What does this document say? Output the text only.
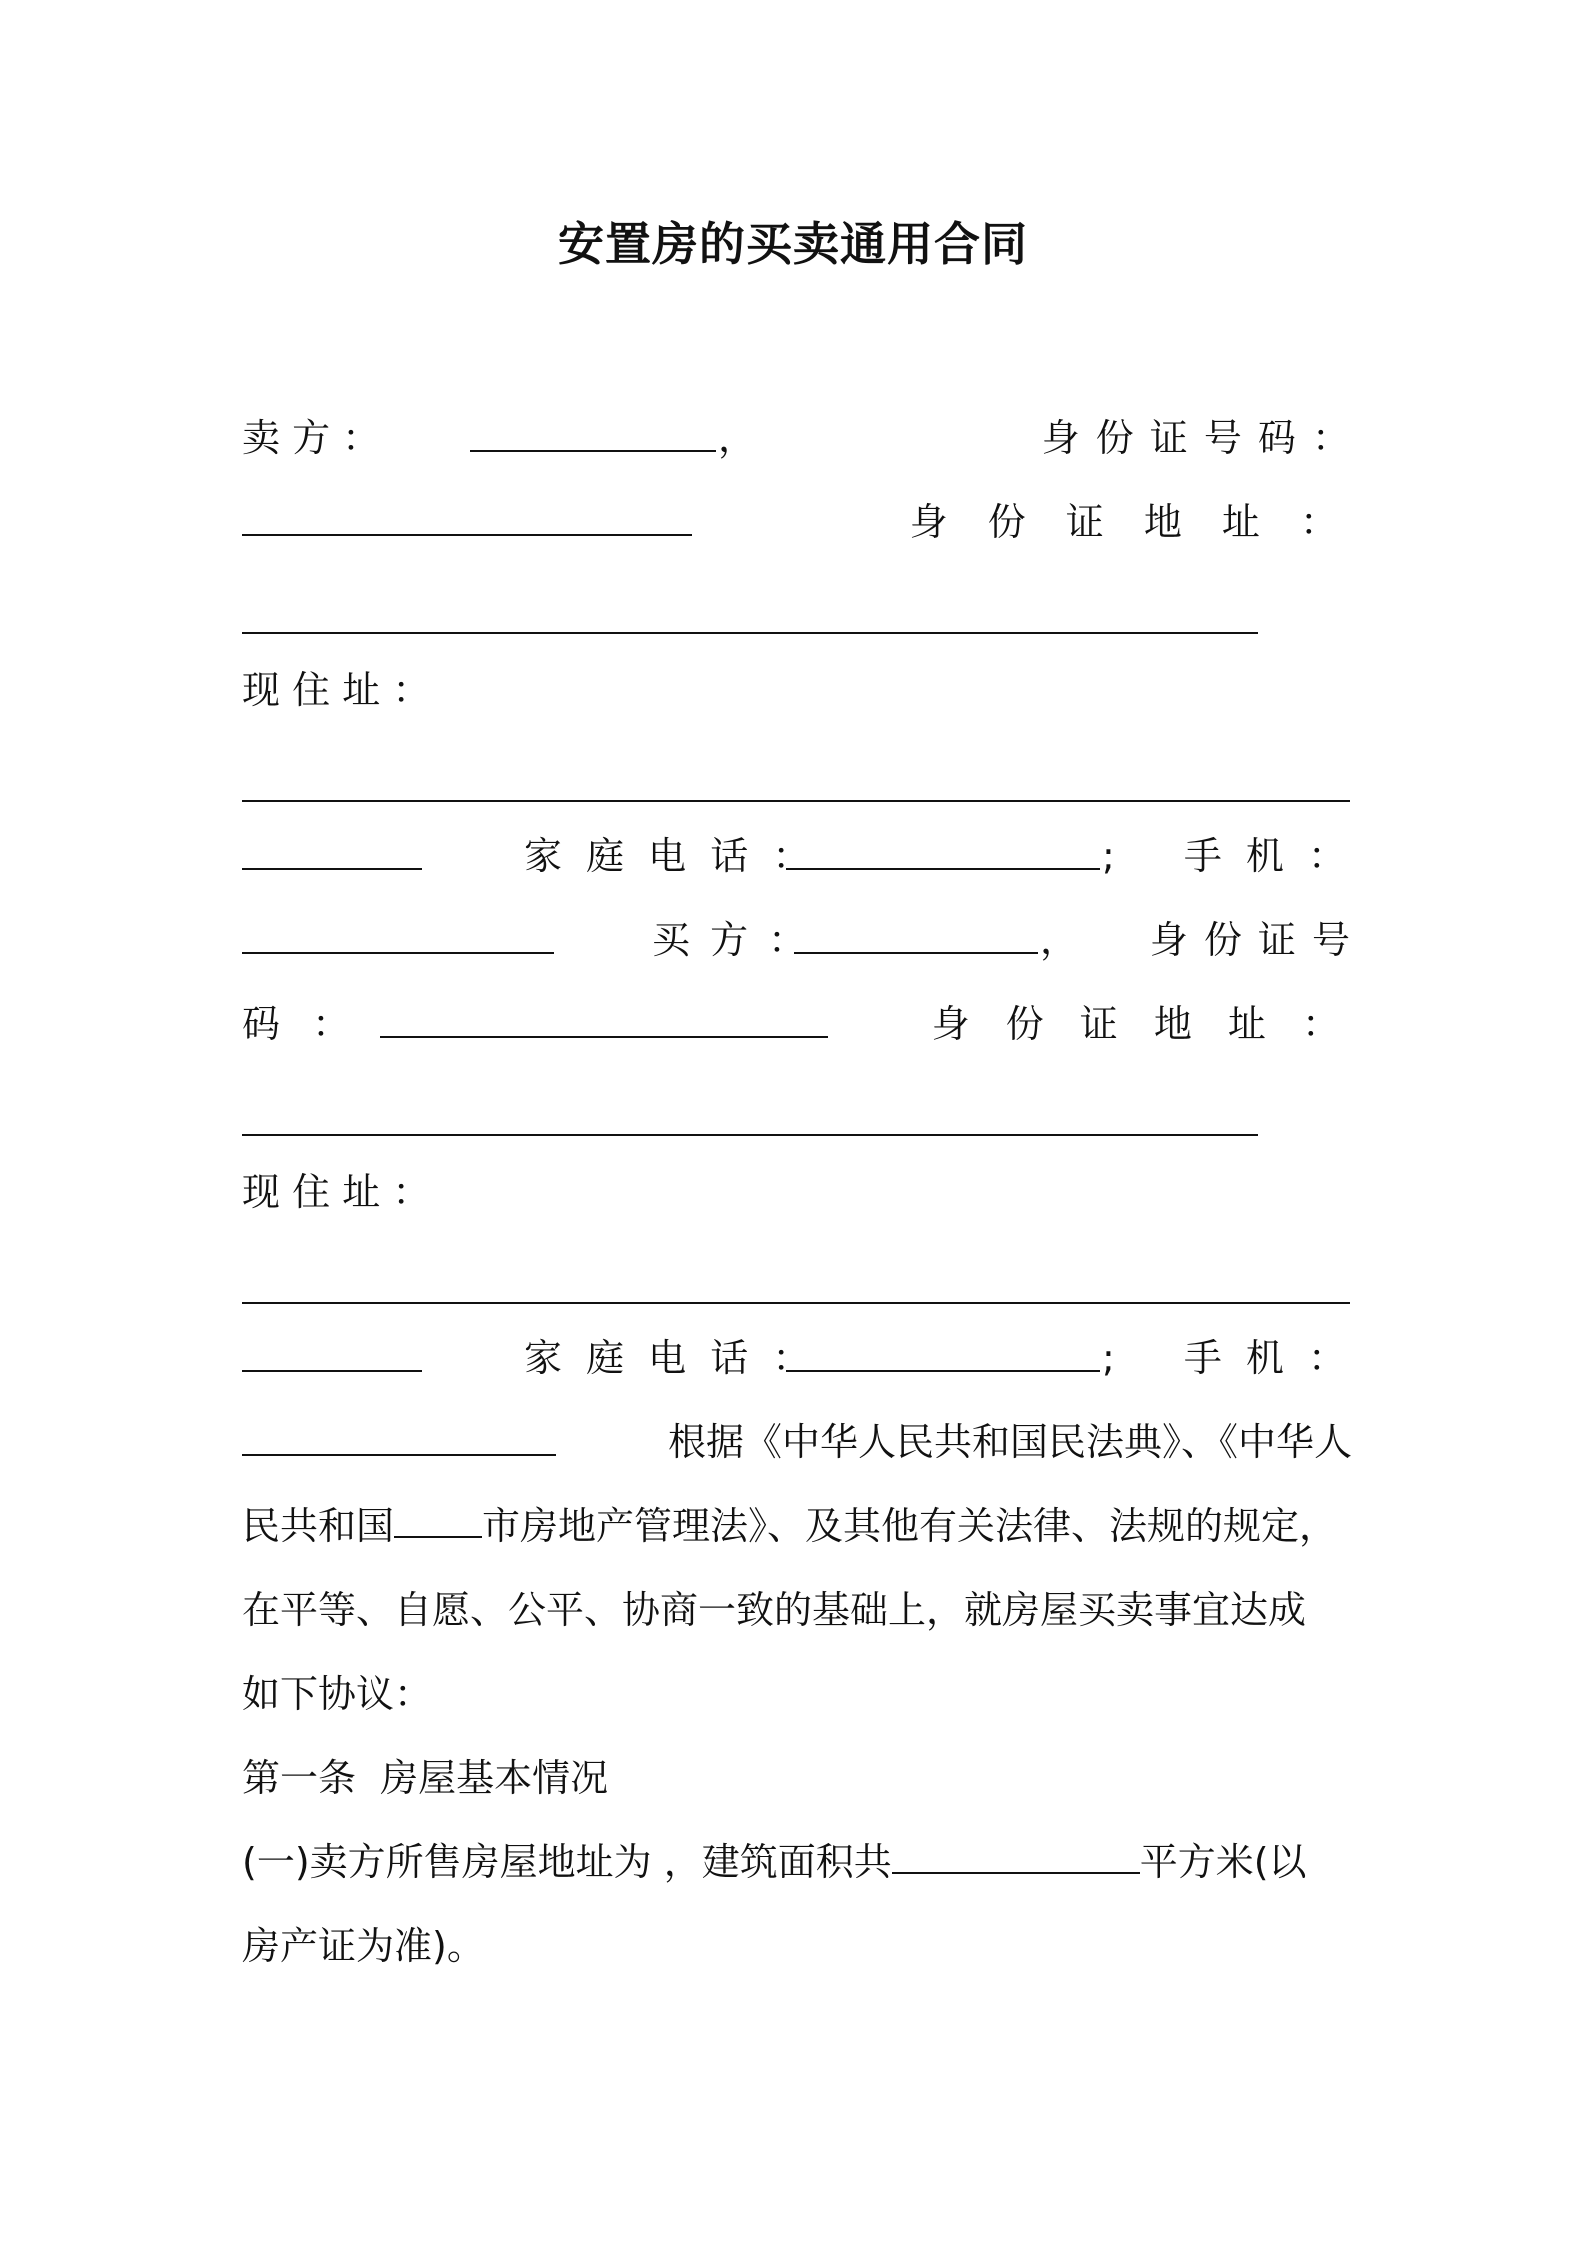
安置房的买卖通用合同
卖 方 ：	，	身 份 证 号 码 ：
身 份 证 地 址 ：
现 住 址 ：
家 庭 电 话 ：	; 手 机 ：
买 方 ：	， 身 份 证 号
码 ：	身 份 证 地 址 ：
现 住 址 ：
家 庭 电 话 ：	; 手 机 ：
根据《中华人民共和国民法典》、《中华人
民共和国 市房地产管理法》、及其他有关法律、法规的规定，
在平等、自愿、公平、协商一致的基础上，就房屋买卖事宜达成
如下协议：
第一条  房屋基本情况
(一)卖方所售房屋地址为 ，建筑面积共	平方米(以
房产证为准)。
